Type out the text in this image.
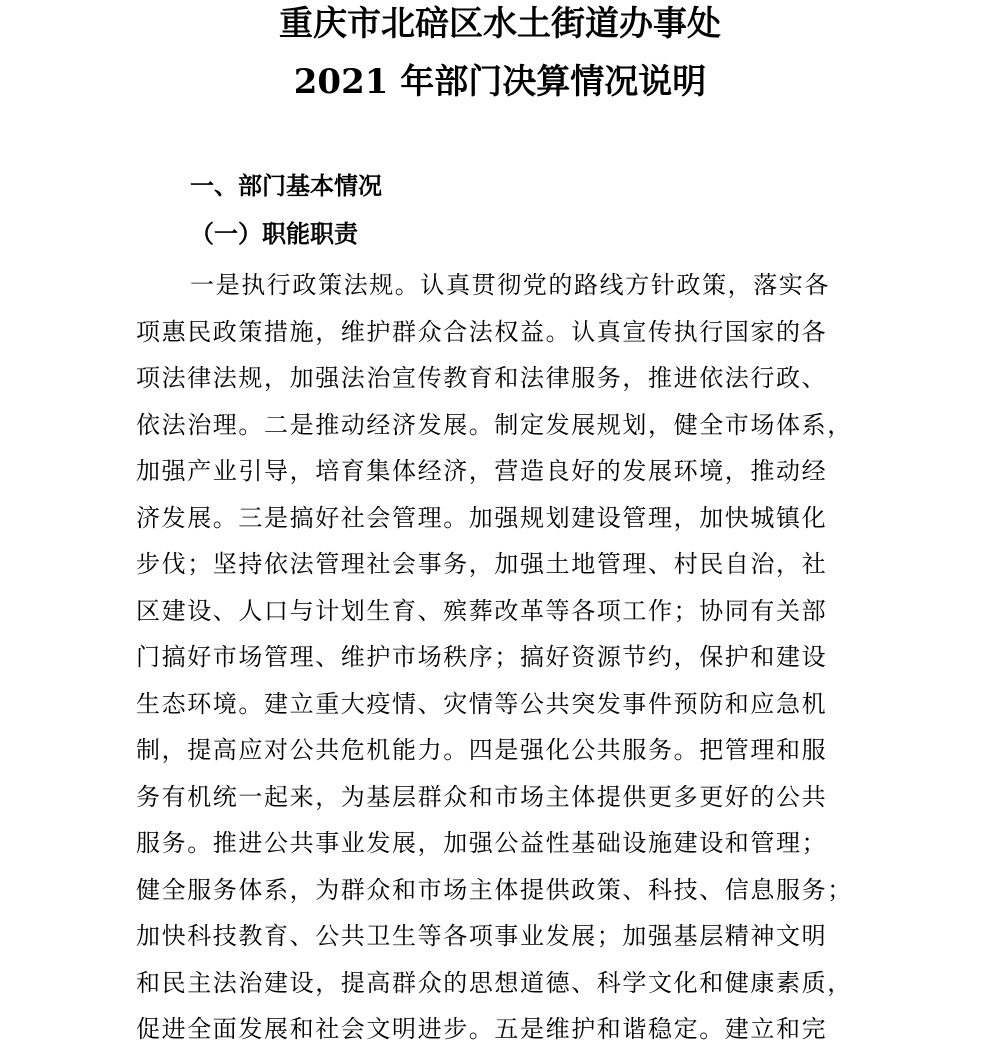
重庆市北碚区水土街道办事处
2021 年部门决算情况说明
一、部门基本情况
（一）职能职责
一是执行政策法规。认真贯彻党的路线方针政策，落实各
项惠民政策措施，维护群众合法权益。认真宣传执行国家的各
项法律法规，加强法治宣传教育和法律服务，推进依法行政、
依法治理。二是推动经济发展。制定发展规划，健全市场体系，
加强产业引导，培育集体经济，营造良好的发展环境，推动经
济发展。三是搞好社会管理。加强规划建设管理，加快城镇化
步伐；坚持依法管理社会事务，加强土地管理、村民自治，社
区建设、人口与计划生育、殡葬改革等各项工作；协同有关部
门搞好市场管理、维护市场秩序；搞好资源节约，保护和建设
生态环境。建立重大疫情、灾情等公共突发事件预防和应急机
制，提高应对公共危机能力。四是强化公共服务。把管理和服
务有机统一起来，为基层群众和市场主体提供更多更好的公共
服务。推进公共事业发展，加强公益性基础设施建设和管理；
健全服务体系，为群众和市场主体提供政策、科技、信息服务；
加快科技教育、公共卫生等各项事业发展；加强基层精神文明
和民主法治建设，提高群众的思想道德、科学文化和健康素质，
促进全面发展和社会文明进步。五是维护和谐稳定。建立和完
